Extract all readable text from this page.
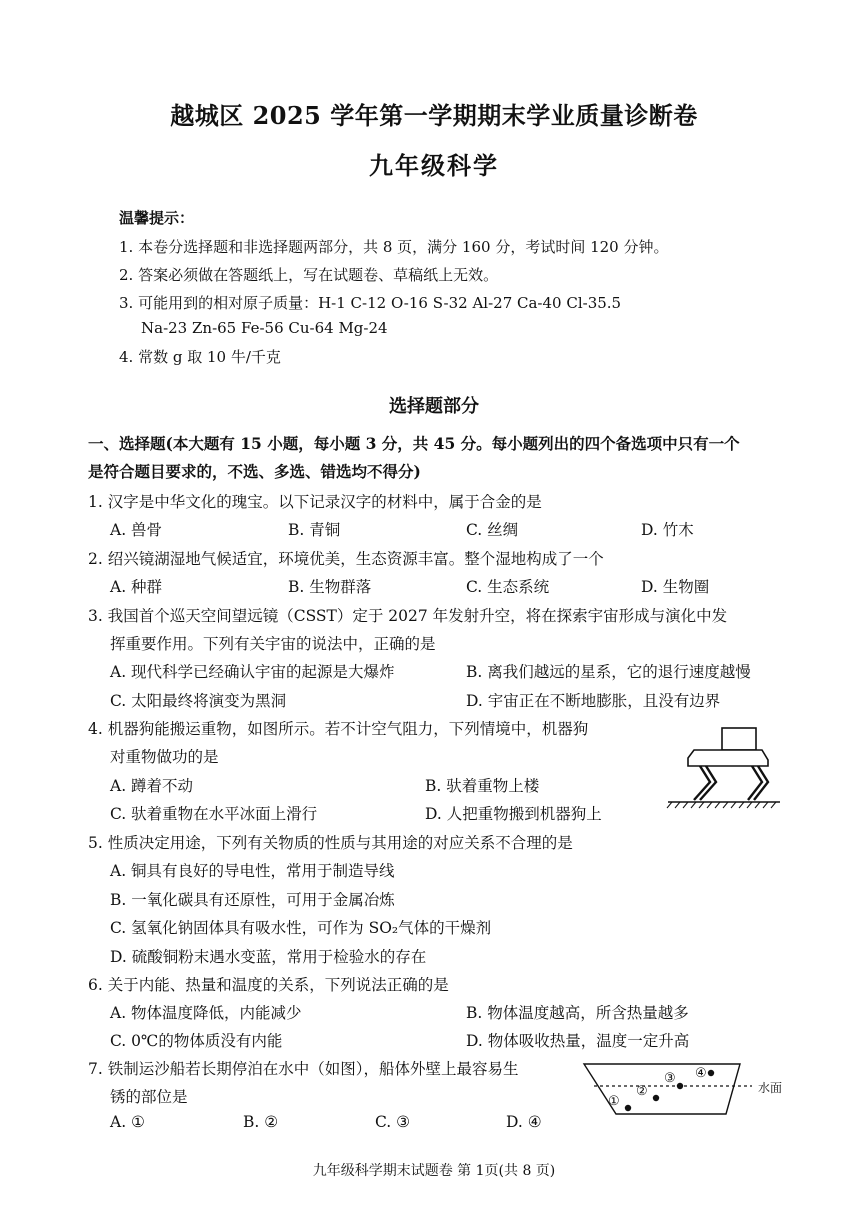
越城区 2025 学年第一学期期末学业质量诊断卷
九年级科学
温馨提示：
1. 本卷分选择题和非选择题两部分，共 8 页，满分 160 分，考试时间 120 分钟。
2. 答案必须做在答题纸上，写在试题卷、草稿纸上无效。
3. 可能用到的相对原子质量：H-1 C-12 O-16 S-32 Al-27 Ca-40 Cl-35.5
Na-23 Zn-65 Fe-56 Cu-64 Mg-24
4. 常数 g 取 10 牛/千克
选择题部分
一、选择题(本大题有 15 小题，每小题 3 分，共 45 分。每小题列出的四个备选项中只有一个
是符合题目要求的，不选、多选、错选均不得分)
1. 汉字是中华文化的瑰宝。以下记录汉字的材料中，属于合金的是
A. 兽骨	B. 青铜	C. 丝绸	D. 竹木
2. 绍兴镜湖湿地气候适宜，环境优美，生态资源丰富。整个湿地构成了一个
A. 种群	B. 生物群落	C. 生态系统	D. 生物圈
3. 我国首个巡天空间望远镜（CSST）定于 2027 年发射升空，将在探索宇宙形成与演化中发
挥重要作用。下列有关宇宙的说法中，正确的是
A. 现代科学已经确认宇宙的起源是大爆炸	B. 离我们越远的星系，它的退行速度越慢
C. 太阳最终将演变为黑洞	D. 宇宙正在不断地膨胀，且没有边界
4. 机器狗能搬运重物，如图所示。若不计空气阻力，下列情境中，机器狗
对重物做功的是
A. 蹲着不动	B. 驮着重物上楼
C. 驮着重物在水平冰面上滑行	D. 人把重物搬到机器狗上
5. 性质决定用途，下列有关物质的性质与其用途的对应关系不合理的是
A. 铜具有良好的导电性，常用于制造导线
B. 一氧化碳具有还原性，可用于金属冶炼
C. 氢氧化钠固体具有吸水性，可作为 SO₂气体的干燥剂
D. 硫酸铜粉末遇水变蓝，常用于检验水的存在
6. 关于内能、热量和温度的关系，下列说法正确的是
A. 物体温度降低，内能减少	B. 物体温度越高，所含热量越多
C. 0℃的物体质没有内能	D. 物体吸收热量，温度一定升高
7. 铁制运沙船若长期停泊在水中（如图），船体外壁上最容易生
锈的部位是
A. ①	B. ②	C. ③	D. ④
①
②
③ ④
水面
九年级科学期末试题卷 第 1页(共 8 页)
